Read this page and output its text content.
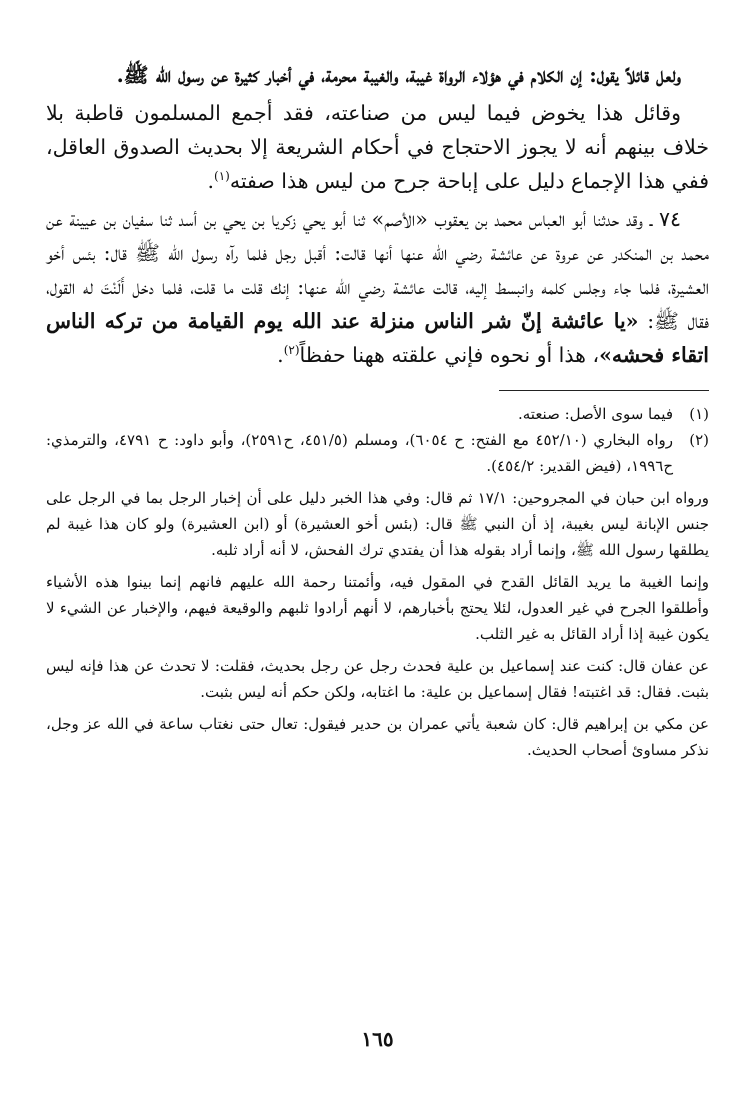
ولعل قائلاً يقول: إن الكلام في هؤلاء الرواة غيبة، والغيبة محرمة، في أخبار كثيرة عن رسول الله ﷺ.

وقائل هذا يخوض فيما ليس من صناعته، فقد أجمع المسلمون قاطبة بلا خلاف بينهم أنه لا يجوز الاحتجاج في أحكام الشريعة إلا بحديث الصدوق العاقل، ففي هذا الإجماع دليل على إباحة جرح من ليس هذا صفته$^{(١)}$.

٧٤ ـ وقد حدثنا أبو العباس محمد بن يعقوب «الأصم» ثنا أبو يحي زكريا بن يحي بن أسد ثنا سفيان بن عيينة عن محمد بن المنكدر عن عروة عن عائشة رضي الله عنها أنها قالت: أقبل رجل فلما رآه رسول الله ﷺ قال: بئس أخو العشيرة، فلما جاء وجلس كلمه وانبسط إليه، قالت عائشة رضي الله عنها: إنك قلت ما قلت، فلما دخل أَلَنْتَ له القول، فقال ﷺ: «يا عائشة إنّ شر الناس منزلة عند الله يوم القيامة من تركه الناس اتقاء فحشه»، هذا أو نحوه فإني علقته ههنا حفظاً$^{(٢)}$.

(١)
فيما سوى الأصل: صنعته.
(٢)
رواه البخاري (٤٥٢/١٠ مع الفتح: ح ٦٠٥٤)، ومسلم (٤٥١/٥، ح٢٥٩١)، وأبو داود: ح ٤٧٩١، والترمذي: ح١٩٩٦، (فيض القدير: ٤٥٤/٢).

ورواه ابن حبان في المجروحين: ١٧/١ ثم قال: وفي هذا الخبر دليل على أن إخبار الرجل بما في الرجل على جنس الإبانة ليس بغيبة، إذ أن النبي ﷺ قال: (بئس أخو العشيرة) أو (ابن العشيرة) ولو كان هذا غيبة لم يطلقها رسول الله ﷺ، وإنما أراد بقوله هذا أن يفتدي ترك الفحش، لا أنه أراد ثلبه.

وإنما الغيبة ما يريد القائل القدح في المقول فيه، وأئمتنا رحمة الله عليهم فانهم إنما بينوا هذه الأشياء وأطلقوا الجرح في غير العدول، لئلا يحتج بأخبارهم، لا أنهم أرادوا ثلبهم والوقيعة فيهم، والإخبار عن الشيء لا يكون غيبة إذا أراد القائل به غير الثلب.

عن عفان قال: كنت عند إسماعيل بن علية فحدث رجل عن رجل بحديث، فقلت: لا تحدث عن هذا فإنه ليس بثبت. فقال: قد اغتبته! فقال إسماعيل بن علية: ما اغتابه، ولكن حكم أنه ليس بثبت.

عن مكي بن إبراهيم قال: كان شعبة يأتي عمران بن حدير فيقول: تعال حتى نغتاب ساعة في الله عز وجل، نذكر مساوئ أصحاب الحديث.

١٦٥
